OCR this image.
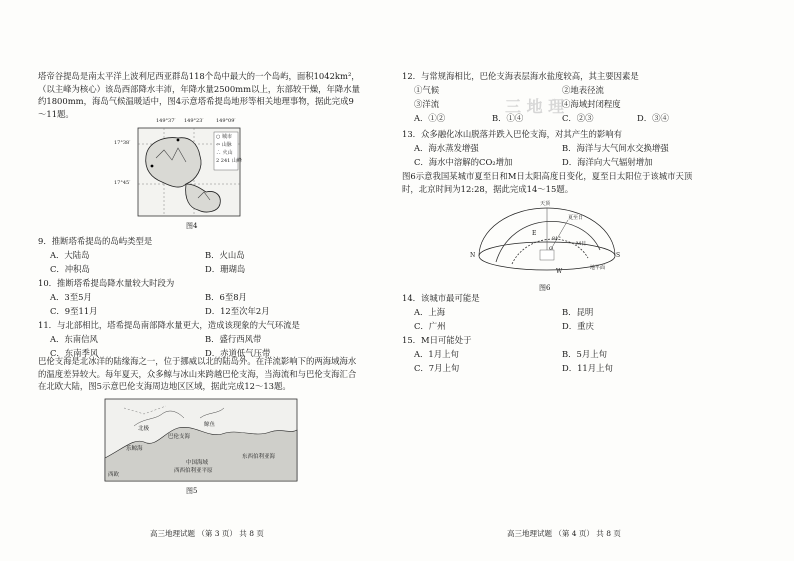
塔帝谷提岛是南太平洋上波利尼西亚群岛118个岛中最大的一个岛屿，面积1042km²，（以主峰为核心）该岛西部降水丰沛，年降水量2500mm以上，东部较干燥，年降水量约1800mm，海岛气候温暖适中，图4示意塔希提岛地形等相关地理事物，据此完成9～11题。
○ 城市
⇦ 山脉
∴ 火山
2 241 山峰
149°37′ 149°23′ 149°09′
17°38′
17°45′
图4
9．推断塔希提岛的岛屿类型是
A．大陆岛	B．火山岛
C．冲积岛	D．珊瑚岛
10．推断塔希提岛降水量较大时段为
A．3至5月	B．6至8月
C．9至11月	D．12至次年2月
11．与北部相比，塔希提岛南部降水量更大，造成该现象的大气环流是
A．东南信风	B．盛行西风带
C．东南季风	D．赤道低气压带
巴伦支海是北冰洋的陆缘海之一，位于挪威以北的陆岛外。在洋流影响下的两海域海水的温度差异较大。每年夏天，众多鲸与冰山来跨越巴伦支海，当海流和与巴伦支海汇合在北欧大陆，图5示意巴伦支海周边地区区域，据此完成12～13题。
北极
巴伦支海
乐鲸海
鲸鱼
中国海域
东西伯利亚海
西西伯利亚平原
西欧
图5
高三地理试题 （第 3 页） 共 8 页
三 地 理
12．与常规海相比，巴伦支海表层海水盐度较高，其主要因素是
①气候	②地表径流
③洋流	④海域封闭程度
A．①②	B．①④	C．②③	D．③④
13．众多融化冰山脱落并跌入巴伦支海，对其产生的影响有
A．海水蒸发增强	B．海洋与大气间水交换增强
C．海水中溶解的CO₂增加	D．海洋向大气辐射增加
图6示意我国某城市夏至日和M日太阳高度日变化，夏至日太阳位于该城市天顶时，北京时间为12:28，据此完成14～15题。
天顶
N	S
E
W
O
夏至日
M日
地平面
81°
图6
14．该城市最可能是
A．上海	B．昆明
C．广州	D．重庆
15．M日可能处于
A．1月上旬	B．5月上旬
C．7月上旬	D．11月上旬
高三地理试题 （第 4 页） 共 8 页
